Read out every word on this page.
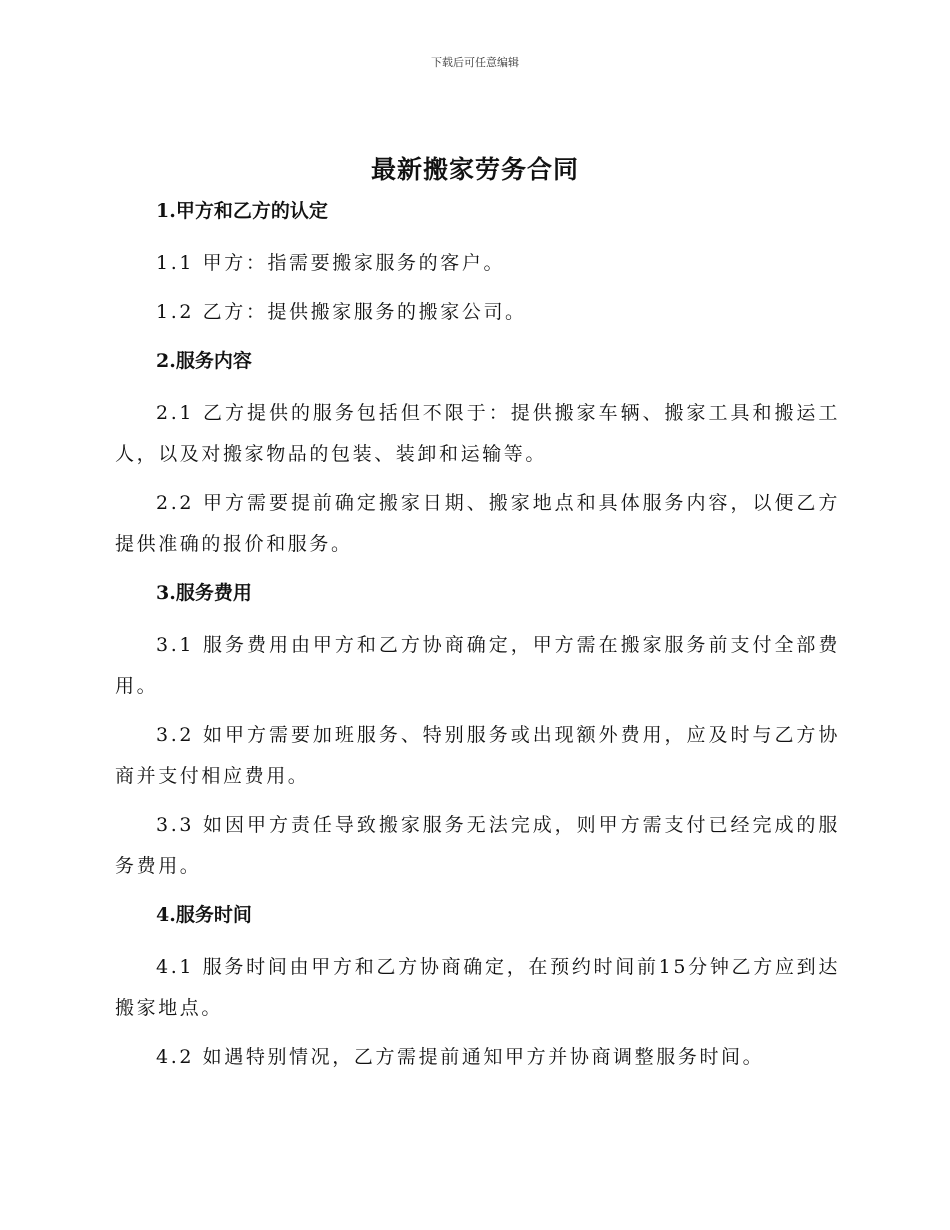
下载后可任意编辑
最新搬家劳务合同

1.甲方和乙方的认定

1.1 甲方：指需要搬家服务的客户。

1.2 乙方：提供搬家服务的搬家公司。

2.服务内容

2.1 乙方提供的服务包括但不限于：提供搬家车辆、搬家工具和搬运工人，以及对搬家物品的包装、装卸和运输等。

2.2 甲方需要提前确定搬家日期、搬家地点和具体服务内容，以便乙方提供准确的报价和服务。

3.服务费用

3.1 服务费用由甲方和乙方协商确定，甲方需在搬家服务前支付全部费用。

3.2 如甲方需要加班服务、特别服务或出现额外费用，应及时与乙方协商并支付相应费用。

3.3 如因甲方责任导致搬家服务无法完成，则甲方需支付已经完成的服务费用。

4.服务时间

4.1 服务时间由甲方和乙方协商确定，在预约时间前15分钟乙方应到达搬家地点。

4.2 如遇特别情况，乙方需提前通知甲方并协商调整服务时间。
